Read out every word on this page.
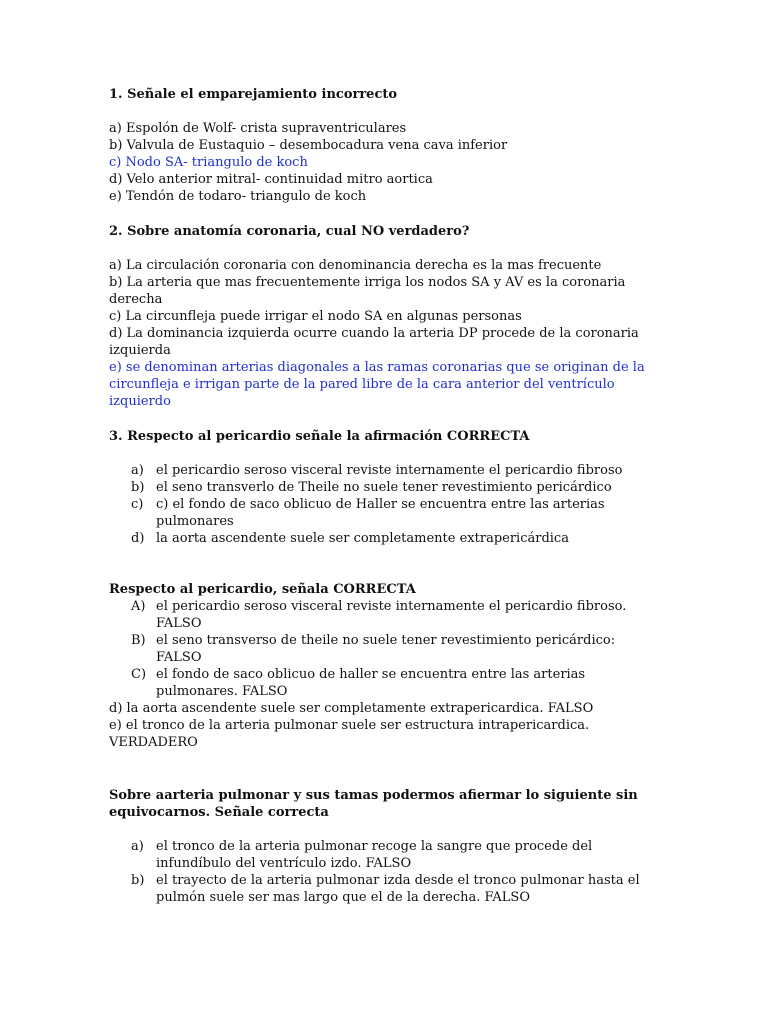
1. Señale el emparejamiento incorrecto

a) Espolón de Wolf- crista supraventriculares

b) Valvula de Eustaquio – desembocadura vena cava inferior

c) Nodo SA- triangulo de koch

d) Velo anterior mitral- continuidad mitro aortica

e) Tendón de todaro- triangulo de koch

2. Sobre anatomía coronaria, cual NO verdadero?

a) La circulación coronaria con denominancia derecha es la mas frecuente

b) La arteria que mas frecuentemente irriga los nodos SA y AV es la coronaria derecha

c) La circunfleja puede irrigar el nodo SA en algunas personas

d) La dominancia izquierda ocurre cuando la arteria DP procede de la coronaria izquierda

e) se denominan arterias diagonales a las ramas coronarias que se originan de la circunfleja e irrigan parte de la pared libre de la cara anterior del ventrículo izquierdo

3. Respecto al pericardio señale la afirmación CORRECTA

a) el pericardio seroso visceral reviste internamente el pericardio fibroso
b) el seno transverlo de Theile no suele tener revestimiento pericárdico
c) c) el fondo de saco oblicuo de Haller se encuentra entre las arterias pulmonares
d) la aorta ascendente suele ser completamente extrapericárdica

Respecto al pericardio, señala CORRECTA

A) el pericardio seroso visceral reviste internamente el pericardio fibroso. FALSO
B) el seno transverso de theile no suele tener revestimiento pericárdico: FALSO
C) el fondo de saco oblicuo de haller se encuentra entre las arterias pulmonares. FALSO

d) la aorta ascendente suele ser completamente extrapericardica. FALSO

e) el tronco de la arteria pulmonar suele ser estructura intrapericardica. VERDADERO

Sobre aarteria pulmonar y sus tamas podermos afiermar lo siguiente sin equivocarnos. Señale correcta

a) el tronco de la arteria pulmonar recoge la sangre que procede del infundíbulo del ventrículo izdo. FALSO
b) el trayecto de la arteria pulmonar izda desde el tronco pulmonar hasta el pulmón suele ser mas largo que el de la derecha. FALSO
